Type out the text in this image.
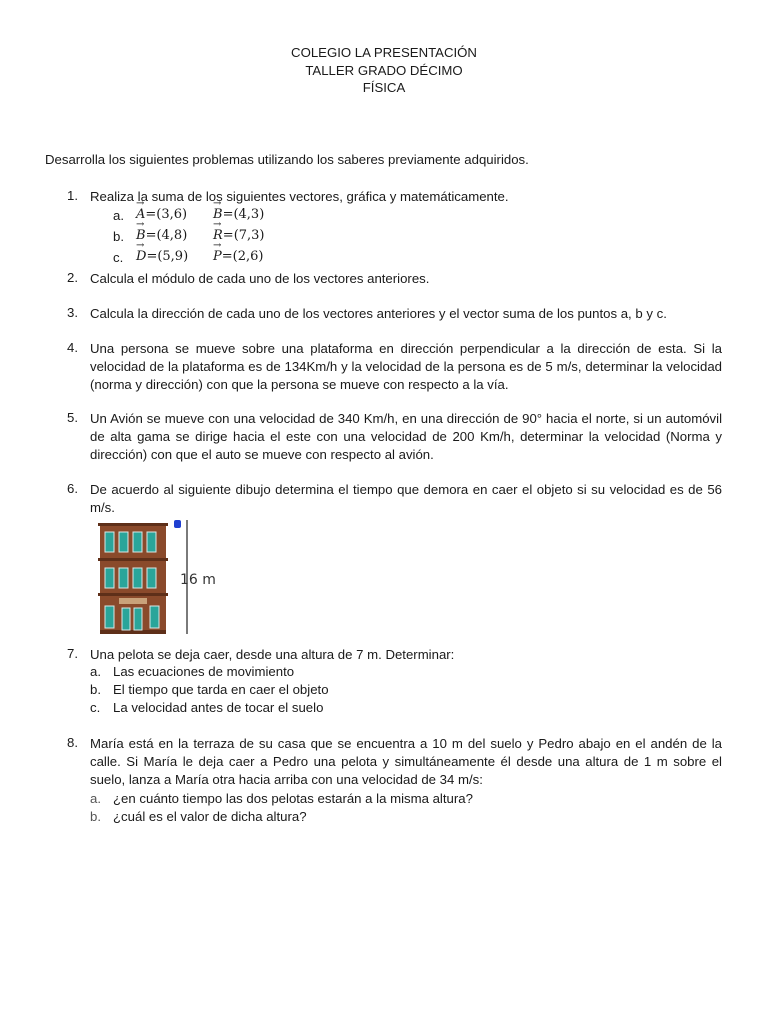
COLEGIO LA PRESENTACIÓN
TALLER GRADO DÉCIMO
FÍSICA
Desarrolla los siguientes problemas utilizando los saberes previamente adquiridos.
1. Realiza la suma de los siguientes vectores, gráfica y matemáticamente.
a. → A=(3,6) → B=(4,3)
b. → B=(4,8) → R=(7,3)
c. → D=(5,9) → P=(2,6)
2. Calcula el módulo de cada uno de los vectores anteriores.
3. Calcula la dirección de cada uno de los vectores anteriores y el vector suma de los puntos a, b y c.
4. Una persona se mueve sobre una plataforma en dirección perpendicular a la dirección de esta. Si la velocidad de la plataforma es de 134Km/h y la velocidad de la persona es de 5 m/s, determinar la velocidad (norma y dirección) con que la persona se mueve con respecto a la vía.
5. Un Avión se mueve con una velocidad de 340 Km/h, en una dirección de 90° hacia el norte, si un automóvil de alta gama se dirige hacia el este con una velocidad de 200 Km/h, determinar la velocidad (Norma y dirección) con que el auto se mueve con respecto al avión.
6. De acuerdo al siguiente dibujo determina el tiempo que demora en caer el objeto si su velocidad es de 56 m/s.
16 m
7. Una pelota se deja caer, desde una altura de 7 m. Determinar:
a. Las ecuaciones de movimiento
b. El tiempo que tarda en caer el objeto
c. La velocidad antes de tocar el suelo
8. María está en la terraza de su casa que se encuentra a 10 m del suelo y Pedro abajo en el andén de la calle. Si María le deja caer a Pedro una pelota y simultáneamente él desde una altura de 1 m sobre el suelo, lanza a María otra hacia arriba con una velocidad de 34 m/s:
a. ¿en cuánto tiempo las dos pelotas estarán a la misma altura?
b. ¿cuál es el valor de dicha altura?
